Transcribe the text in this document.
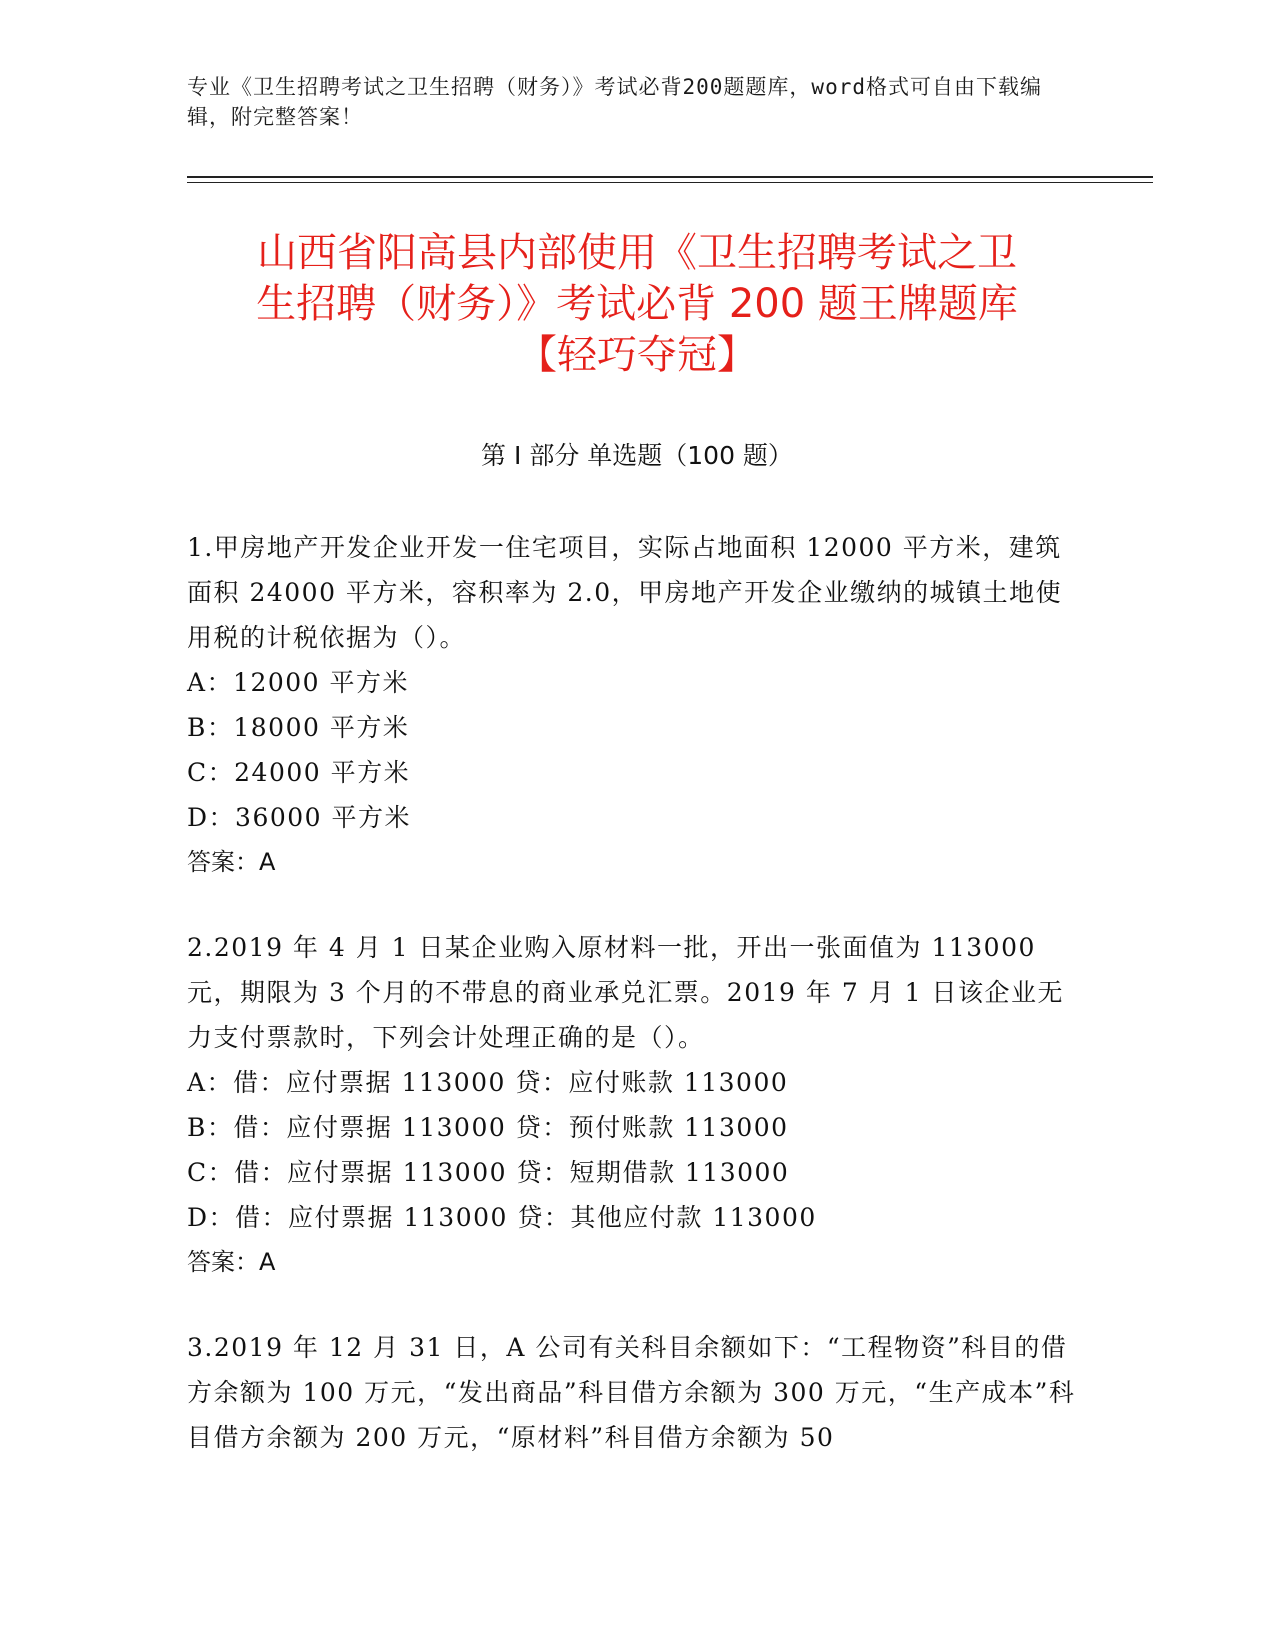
专业《卫生招聘考试之卫生招聘（财务）》考试必背200题题库，word格式可自由下载编辑，附完整答案！
山西省阳高县内部使用《卫生招聘考试之卫
生招聘（财务）》考试必背 200 题王牌题库
【轻巧夺冠】
第 I 部分 单选题（100 题）

1.甲房地产开发企业开发一住宅项目，实际占地面积 12000 平方米，建筑面积 24000 平方米，容积率为 2.0，甲房地产开发企业缴纳的城镇土地使用税的计税依据为（）。

A：12000 平方米

B：18000 平方米

C：24000 平方米

D：36000 平方米

答案：A

2.2019 年 4 月 1 日某企业购入原材料一批，开出一张面值为 113000 元，期限为 3 个月的不带息的商业承兑汇票。2019 年 7 月 1 日该企业无力支付票款时，下列会计处理正确的是（）。

A：借：应付票据 113000 贷：应付账款 113000

B：借：应付票据 113000 贷：预付账款 113000

C：借：应付票据 113000 贷：短期借款 113000

D：借：应付票据 113000 贷：其他应付款 113000

答案：A

3.2019 年 12 月 31 日，A 公司有关科目余额如下：“工程物资”科目的借方余额为 100 万元，“发出商品”科目借方余额为 300 万元，“生产成本”科目借方余额为 200 万元，“原材料”科目借方余额为 50
